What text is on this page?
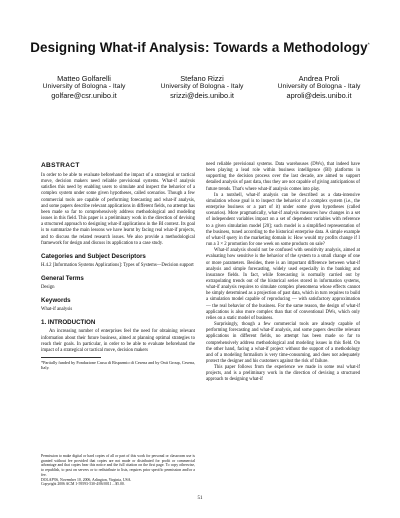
Designing What-if Analysis: Towards a Methodology*
Matteo Golfarelli
University of Bologna - Italy
golfare@csr.unibo.it
Stefano Rizzi
University of Bologna - Italy
srizzi@deis.unibo.it
Andrea Proli
University of Bologna - Italy
aproli@deis.unibo.it
ABSTRACT

In order to be able to evaluate beforehand the impact of a strategical or tactical move, decision makers need reliable previsional systems. What-if analysis satisfies this need by enabling users to simulate and inspect the behavior of a complex system under some given hypotheses, called scenarios. Though a few commercial tools are capable of performing forecasting and what-if analysis, and some papers describe relevant applications in different fields, no attempt has been made so far to comprehensively address methodological and modeling issues in this field. This paper is a preliminary work in the direction of devising a structured approach to designing what-if applications in the BI context. Its goal is to summarize the main lessons we have learnt by facing real what-if projects, and to discuss the related research issues. We also provide a methodological framework for design and discuss its application to a case study.

Categories and Subject Descriptors

H.4.2 [Information Systems Applications]: Types of Systems—Decision support

General Terms

Design

Keywords

What-if analysis

1. INTRODUCTION

An increasing number of enterprises feel the need for obtaining relevant information about their future business, aimed at planning optimal strategies to reach their goals. In particular, in order to be able to evaluate beforehand the impact of a strategical or tactical move, decision makers

*Partially funded by Fondazione Cassa di Risparmio di Cesena and by Onit Group, Cesena, Italy.

Permission to make digital or hard copies of all or part of this work for personal or classroom use is granted without fee provided that copies are not made or distributed for profit or commercial advantage and that copies bear this notice and the full citation on the first page. To copy otherwise, to republish, to post on servers or to redistribute to lists, requires prior specific permission and/or a fee.

DOLAP'06, November 10, 2006, Arlington, Virginia, USA.

Copyright 2006 ACM 1-59593-530-4/06/0011 ...$5.00.

need reliable previsional systems. Data warehouses (DWs), that indeed have been playing a lead role within business intelligence (BI) platforms in supporting the decision process over the last decade, are aimed to support detailed analysis of past data, thus they are not capable of giving anticipations of future trends. That's where what-if analysis comes into play.

In a nutshell, what-if analysis can be described as a data-intensive simulation whose goal is to inspect the behavior of a complex system (i.e., the enterprise business or a part of it) under some given hypotheses (called scenarios). More pragmatically, what-if analysis measures how changes in a set of independent variables impact on a set of dependent variables with reference to a given simulation model [20]; such model is a simplified representation of the business, tuned according to the historical enterprise data. A simple example of what-if query in the marketing domain is: How would my profits change if I run a 3 × 2 promotion for one week on some products on sale?

What-if analysis should not be confused with sensitivity analysis, aimed at evaluating how sensitive is the behavior of the system to a small change of one or more parameters. Besides, there is an important difference between what-if analysis and simple forecasting, widely used especially in the banking and insurance fields. In fact, while forecasting is normally carried out by extrapolating trends out of the historical series stored in information systems, what-if analysis requires to simulate complex phenomena whose effects cannot be simply determined as a projection of past data, which in turn requires to build a simulation model capable of reproducing — with satisfactory approximation — the real behavior of the business. For the same reason, the design of what-if applications is also more complex than that of conventional DWs, which only relies on a static model of business.

Surprisingly, though a few commercial tools are already capable of performing forecasting and what-if analysis, and some papers describe relevant applications in different fields, no attempt has been made so far to comprehensively address methodological and modeling issues in this field. On the other hand, facing a what-if project without the support of a methodology and of a modeling formalism is very time-consuming, and does not adequately protect the designer and his customers against the risk of failure.

This paper follows from the experience we made in some real what-if projects, and is a preliminary work in the direction of devising a structured approach to designing what-if

51
